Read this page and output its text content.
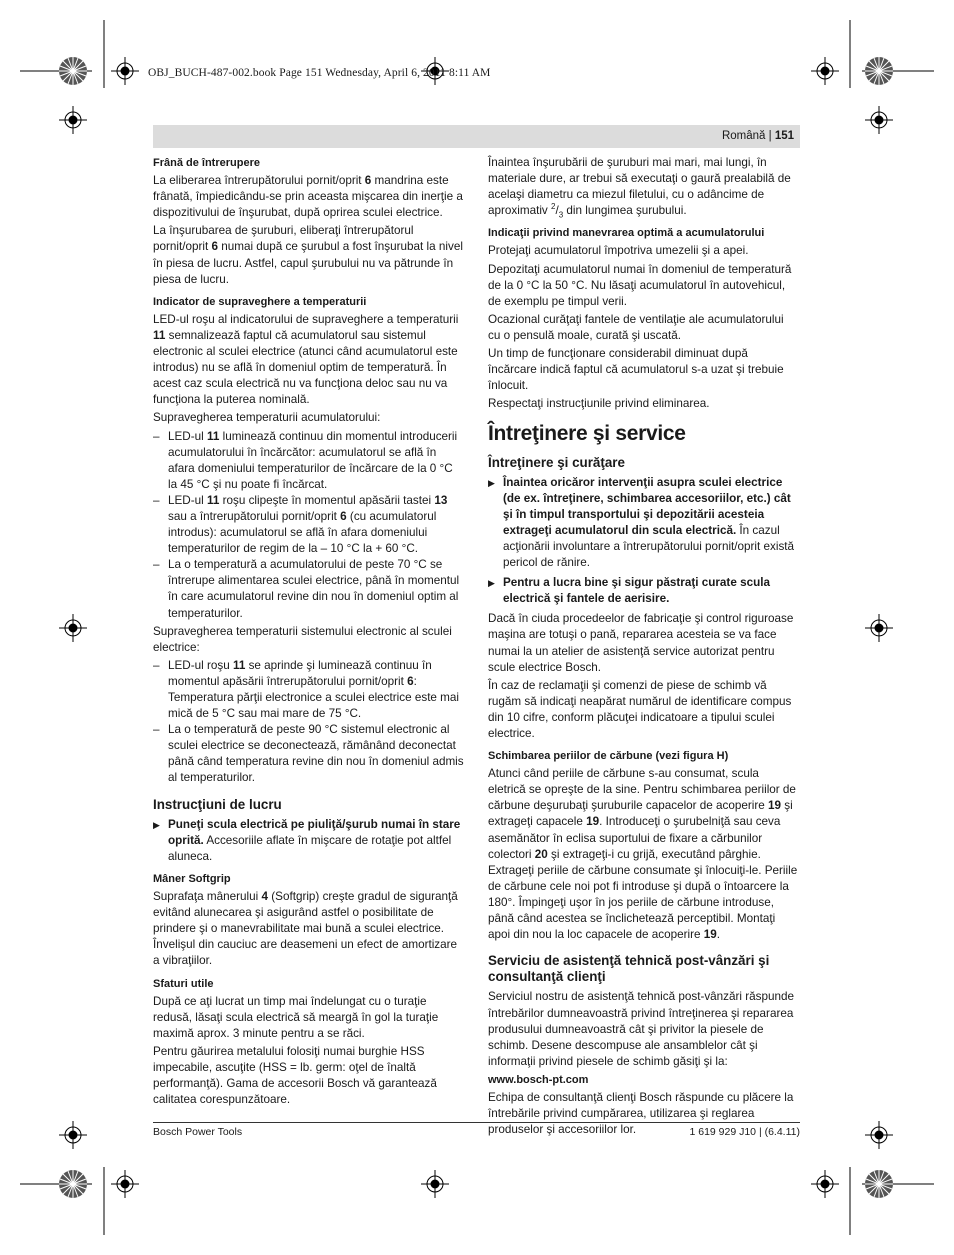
OBJ_BUCH-487-002.book Page 151 Wednesday, April 6, 2011 8:11 AM
Română | 151
Frână de întrerupere

La eliberarea întrerupătorului pornit/oprit 6 mandrina este frânată, împiedicându-se prin aceasta mişcarea din inerţie a dispozitivului de înşurubat, după oprirea sculei electrice.

La înşurubarea de şuruburi, eliberaţi întrerupătorul pornit/oprit 6 numai după ce şurubul a fost înşurubat la nivel în piesa de lucru. Astfel, capul şurubului nu va pătrunde în piesa de lucru.

Indicator de supraveghere a temperaturii

LED-ul roşu al indicatorului de supraveghere a temperaturii 11 semnalizează faptul că acumulatorul sau sistemul electronic al sculei electrice (atunci când acumulatorul este introdus) nu se află în domeniul optim de temperatură. În acest caz scula electrică nu va funcţiona deloc sau nu va funcţiona la puterea nominală.

Supravegherea temperaturii acumulatorului:

– LED-ul 11 luminează continuu din momentul introducerii acumulatorului în încărcător: acumulatorul se află în afara domeniului temperaturilor de încărcare de la 0 °C la 45 °C şi nu poate fi încărcat.
– LED-ul 11 roşu clipeşte în momentul apăsării tastei 13 sau a întrerupătorului pornit/oprit 6 (cu acumulatorul introdus): acumulatorul se află în afara domeniului temperaturilor de regim de la – 10 °C la + 60 °C.
– La o temperatură a acumulatorului de peste 70 °C se întrerupe alimentarea sculei electrice, până în momentul în care acumulatorul revine din nou în domeniul optim al temperaturilor.

Supravegherea temperaturii sistemului electronic al sculei electrice:

– LED-ul roşu 11 se aprinde şi luminează continuu în momentul apăsării întrerupătorului pornit/oprit 6: Temperatura părţii electronice a sculei electrice este mai mică de 5 °C sau mai mare de 75 °C.
– La o temperatură de peste 90 °C sistemul electronic al sculei electrice se deconectează, rămânând deconectat până când temperatura revine din nou în domeniul admis al temperaturilor.
Instrucţiuni de lucru
▶ Puneţi scula electrică pe piuliţă/şurub numai în stare oprită. Accesoriile aflate în mişcare de rotaţie pot altfel aluneca.
Mâner Softgrip

Suprafaţa mânerului 4 (Softgrip) creşte gradul de siguranţă evitând alunecarea şi asigurând astfel o posibilitate de prindere şi o manevrabilitate mai bună a sculei electrice. Învelişul din cauciuc are deasemeni un efect de amortizare a vibraţiilor.

Sfaturi utile

După ce aţi lucrat un timp mai îndelungat cu o turaţie redusă, lăsaţi scula electrică să meargă în gol la turaţie maximă aprox. 3 minute pentru a se răci.

Pentru găurirea metalului folosiţi numai burghie HSS impecabile, ascuţite (HSS = lb. germ: oţel de înaltă performanţă). Gama de accesorii Bosch vă garantează calitatea corespunzătoare.

Înaintea înşurubării de şuruburi mai mari, mai lungi, în materiale dure, ar trebui să executaţi o gaură prealabilă de acelaşi diametru ca miezul filetului, cu o adâncime de aproximativ $^2/_3$ din lungimea şurubului.

Indicaţii privind manevrarea optimă a acumulatorului

Protejaţi acumulatorul împotriva umezelii şi a apei.

Depozitaţi acumulatorul numai în domeniul de temperatură de la 0 °C la 50 °C. Nu lăsaţi acumulatorul în autovehicul, de exemplu pe timpul verii.

Ocazional curăţaţi fantele de ventilaţie ale acumulatorului cu o pensulă moale, curată şi uscată.

Un timp de funcţionare considerabil diminuat după încărcare indică faptul că acumulatorul s-a uzat şi trebuie înlocuit.

Respectaţi instrucţiunile privind eliminarea.

Întreţinere şi service
Întreţinere şi curăţare
▶ Înaintea oricăror intervenţii asupra sculei electrice (de ex. întreţinere, schimbarea accesoriilor, etc.) cât şi în timpul transportului şi depozitării acesteia extrageţi acumulatorul din scula electrică. În cazul acţionării involuntare a întrerupătorului pornit/oprit există pericol de rănire.
▶ Pentru a lucra bine şi sigur păstraţi curate scula electrică şi fantele de aerisire.

Dacă în ciuda procedeelor de fabricaţie şi control riguroase maşina are totuşi o pană, repararea acesteia se va face numai la un atelier de asistenţă service autorizat pentru scule electrice Bosch.

În caz de reclamaţii şi comenzi de piese de schimb vă rugăm să indicaţi neapărat numărul de identificare compus din 10 cifre, conform plăcuţei indicatoare a tipului sculei electrice.

Schimbarea periilor de cărbune (vezi figura H)

Atunci când periile de cărbune s-au consumat, scula eletrică se opreşte de la sine. Pentru schimbarea periilor de cărbune deşurubaţi şuruburile capacelor de acoperire 19 şi extrageţi capacele 19. Introduceţi o şurubelniţă sau ceva asemănător în eclisa suportului de fixare a cărbunilor colectori 20 şi extrageţi-i cu grijă, executând pârghie. Extrageţi periile de cărbune consumate şi înlocuiţi-le. Periile de cărbune cele noi pot fi introduse şi după o întoarcere la 180°. Împingeţi uşor în jos periile de cărbune introduse, până când acestea se înclichetează perceptibil. Montaţi apoi din nou la loc capacele de acoperire 19.

Serviciu de asistenţă tehnică post-vânzări şi consultanţă clienţi

Serviciul nostru de asistenţă tehnică post-vânzări răspunde întrebărilor dumneavoastră privind întreţinerea şi repararea produsului dumneavoastră cât şi privitor la piesele de schimb. Desene descompuse ale ansamblelor cât şi informaţii privind piesele de schimb găsiţi şi la:

www.bosch-pt.com

Echipa de consultanţă clienţi Bosch răspunde cu plăcere la întrebările privind cumpărarea, utilizarea şi reglarea produselor şi accesoriilor lor.

Bosch Power Tools	1 619 929 J10 | (6.4.11)
